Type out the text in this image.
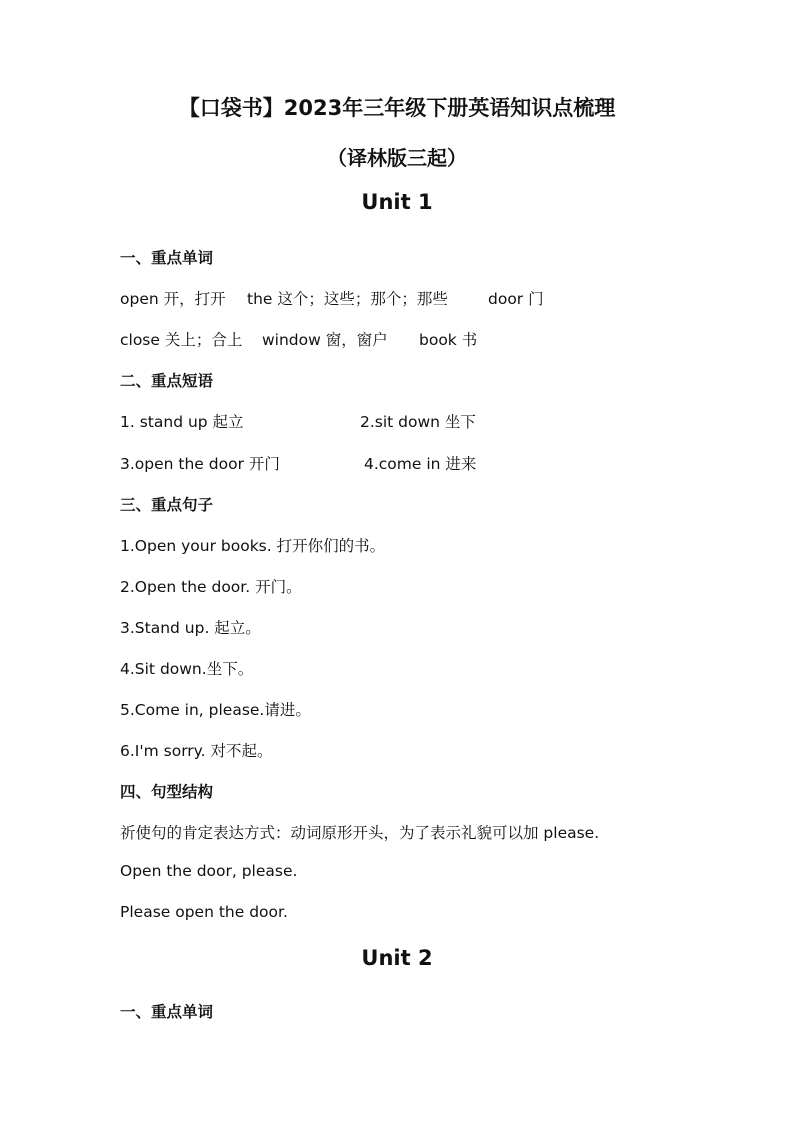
【口袋书】2023年三年级下册英语知识点梳理
（译林版三起）
Unit 1
一、重点单词
open 开，打开 the 这个；这些；那个；那些	door 门
close 关上；合上 window 窗，窗户 book 书
二、重点短语
1. stand up 起立	2.sit down 坐下
3.open the door 开门	4.come in 进来
三、重点句子
1.Open your books. 打开你们的书。
2.Open the door. 开门。
3.Stand up. 起立。
4.Sit down.坐下。
5.Come in, please.请进。
6.I'm sorry. 对不起。
四、句型结构
祈使句的肯定表达方式：动词原形开头，为了表示礼貌可以加 please.
Open the door, please.
Please open the door.
Unit 2
一、重点单词
